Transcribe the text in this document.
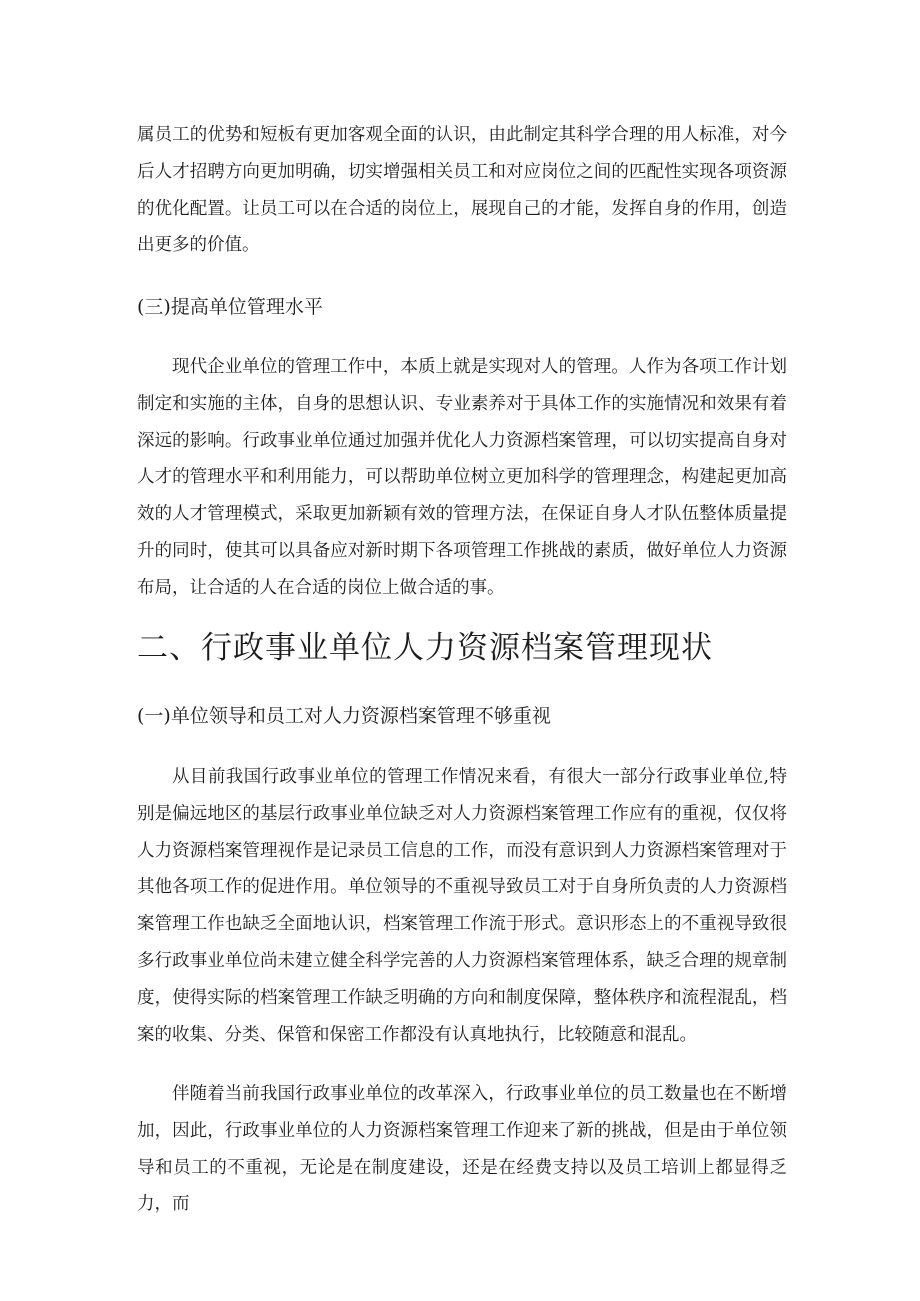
属员工的优势和短板有更加客观全面的认识，由此制定其科学合理的用人标准，对今后人才招聘方向更加明确，切实增强相关员工和对应岗位之间的匹配性实现各项资源的优化配置。让员工可以在合适的岗位上，展现自己的才能，发挥自身的作用，创造出更多的价值。

(三)提高单位管理水平

现代企业单位的管理工作中，本质上就是实现对人的管理。人作为各项工作计划制定和实施的主体，自身的思想认识、专业素养对于具体工作的实施情况和效果有着深远的影响。行政事业单位通过加强并优化人力资源档案管理，可以切实提高自身对人才的管理水平和利用能力，可以帮助单位树立更加科学的管理理念，构建起更加高效的人才管理模式，采取更加新颖有效的管理方法，在保证自身人才队伍整体质量提升的同时，使其可以具备应对新时期下各项管理工作挑战的素质，做好单位人力资源布局，让合适的人在合适的岗位上做合适的事。

二、行政事业单位人力资源档案管理现状
(一)单位领导和员工对人力资源档案管理不够重视

从目前我国行政事业单位的管理工作情况来看，有很大一部分行政事业单位,特别是偏远地区的基层行政事业单位缺乏对人力资源档案管理工作应有的重视，仅仅将人力资源档案管理视作是记录员工信息的工作，而没有意识到人力资源档案管理对于其他各项工作的促进作用。单位领导的不重视导致员工对于自身所负责的人力资源档案管理工作也缺乏全面地认识，档案管理工作流于形式。意识形态上的不重视导致很多行政事业单位尚未建立健全科学完善的人力资源档案管理体系，缺乏合理的规章制度，使得实际的档案管理工作缺乏明确的方向和制度保障，整体秩序和流程混乱，档案的收集、分类、保管和保密工作都没有认真地执行，比较随意和混乱。

伴随着当前我国行政事业单位的改革深入，行政事业单位的员工数量也在不断增加，因此，行政事业单位的人力资源档案管理工作迎来了新的挑战，但是由于单位领导和员工的不重视，无论是在制度建设，还是在经费支持以及员工培训上都显得乏力，而
